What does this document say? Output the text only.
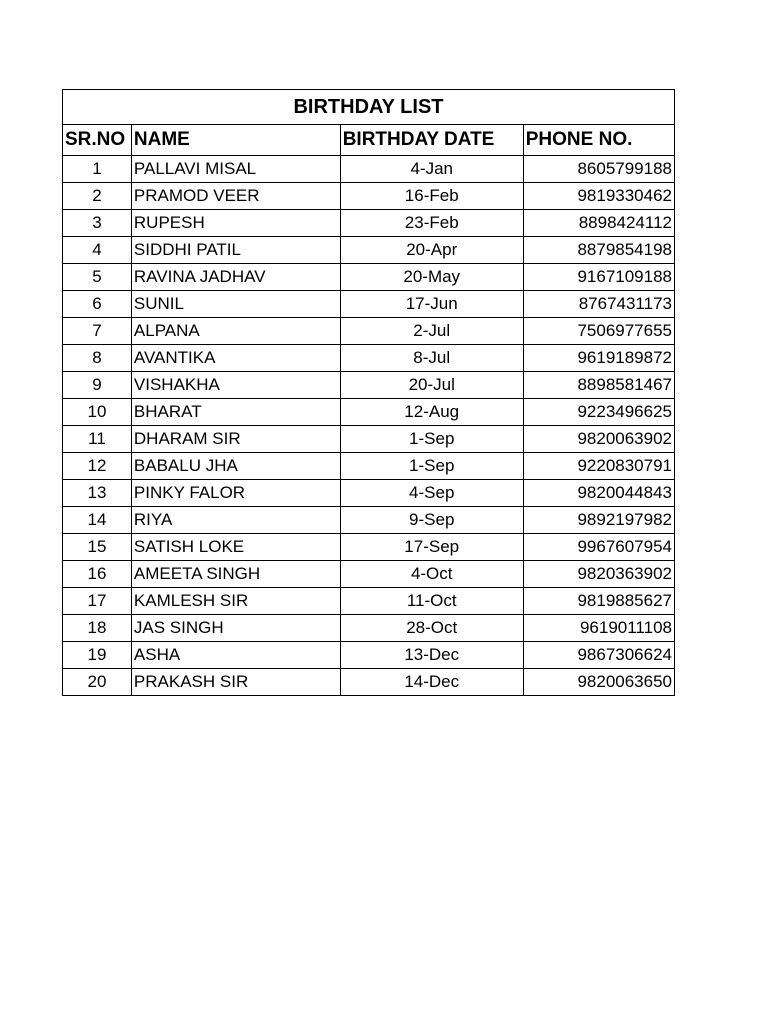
BIRTHDAY LIST			
SR.NO	NAME	BIRTHDAY DATE	PHONE NO.
1	PALLAVI MISAL	4-Jan	8605799188
2	PRAMOD VEER	16-Feb	9819330462
3	RUPESH	23-Feb	8898424112
4	SIDDHI PATIL	20-Apr	8879854198
5	RAVINA JADHAV	20-May	9167109188
6	SUNIL	17-Jun	8767431173
7	ALPANA	2-Jul	7506977655
8	AVANTIKA	8-Jul	9619189872
9	VISHAKHA	20-Jul	8898581467
10	BHARAT	12-Aug	9223496625
11	DHARAM SIR	1-Sep	9820063902
12	BABALU JHA	1-Sep	9220830791
13	PINKY FALOR	4-Sep	9820044843
14	RIYA	9-Sep	9892197982
15	SATISH LOKE	17-Sep	9967607954
16	AMEETA SINGH	4-Oct	9820363902
17	KAMLESH SIR	11-Oct	9819885627
18	JAS SINGH	28-Oct	9619011108
19	ASHA	13-Dec	9867306624
20	PRAKASH SIR	14-Dec	9820063650
